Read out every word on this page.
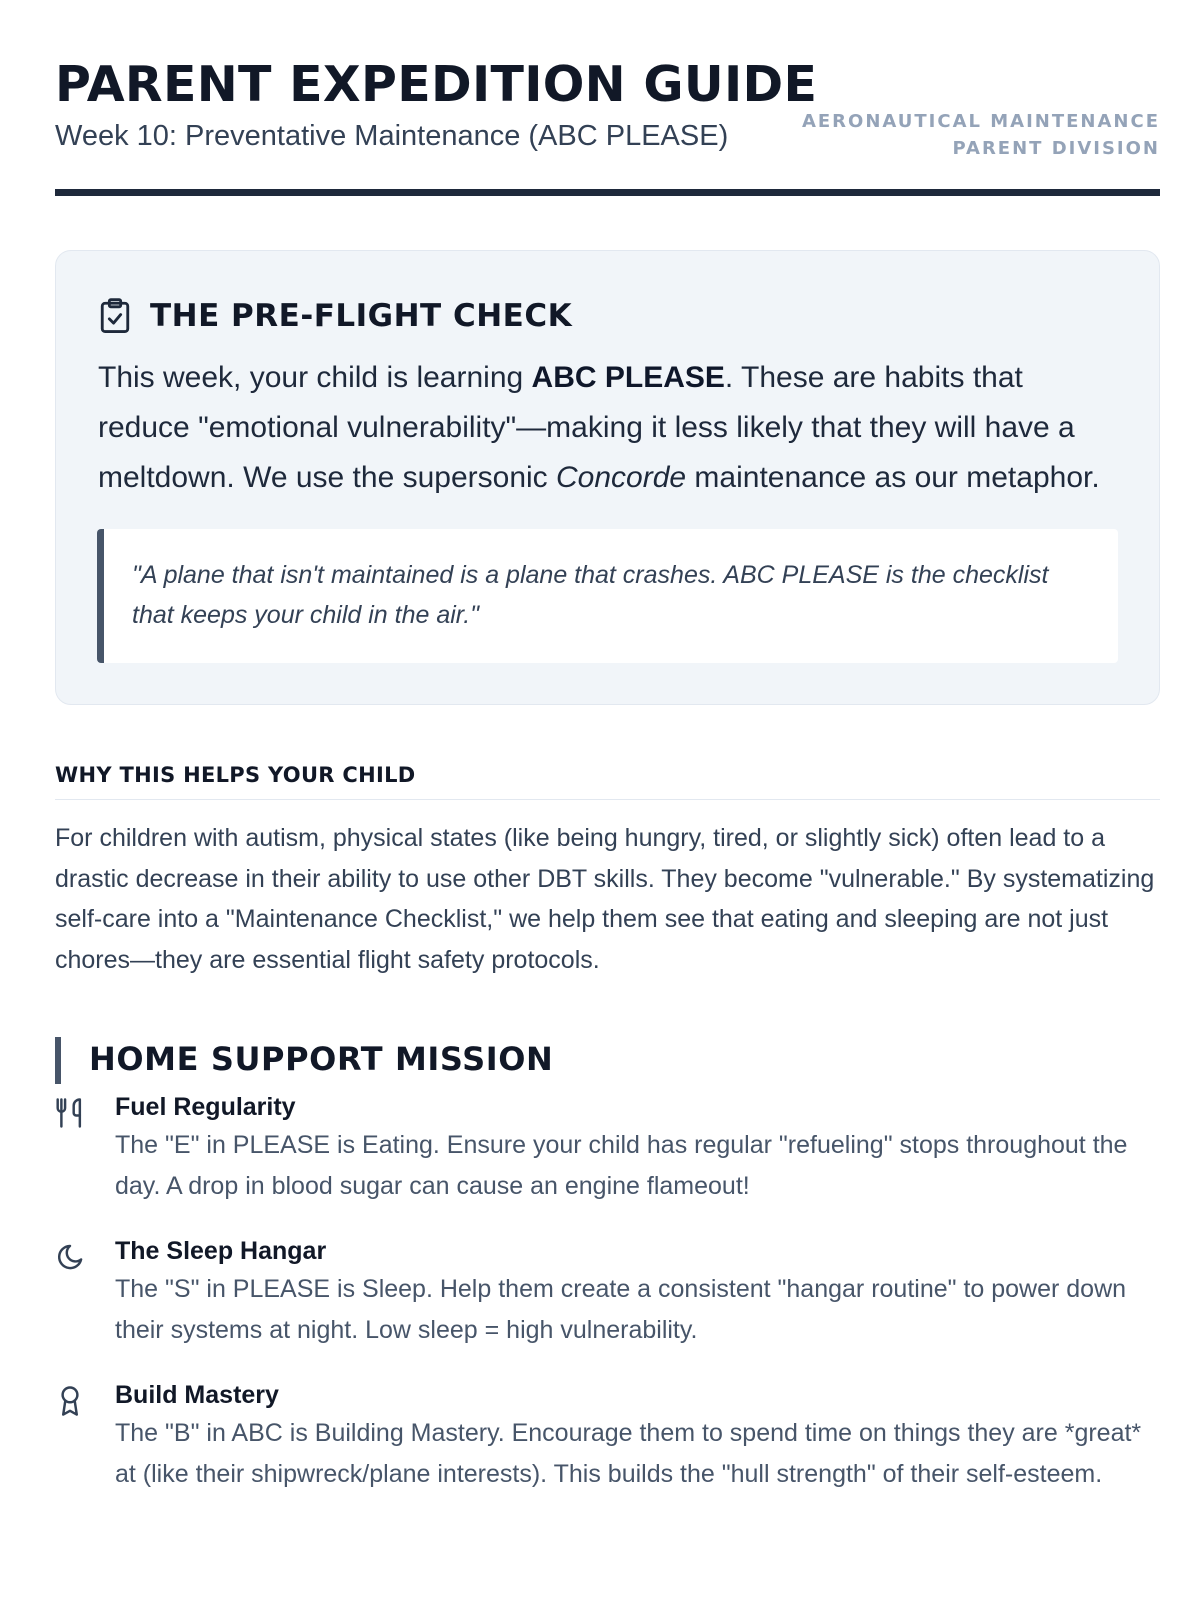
PARENT EXPEDITION GUIDE
Week 10: Preventative Maintenance (ABC PLEASE)	AERONAUTICAL MAINTENANCE
PARENT DIVISION
THE PRE-FLIGHT CHECK
This week, your child is learning ABC PLEASE. These are habits that reduce "emotional vulnerability"—making it less likely that they will have a meltdown. We use the supersonic Concorde maintenance as our metaphor.
"A plane that isn't maintained is a plane that crashes. ABC PLEASE is the checklist that keeps your child in the air."
WHY THIS HELPS YOUR CHILD
For children with autism, physical states (like being hungry, tired, or slightly sick) often lead to a drastic decrease in their ability to use other DBT skills. They become "vulnerable." By systematizing self-care into a "Maintenance Checklist," we help them see that eating and sleeping are not just chores—they are essential flight safety protocols.
HOME SUPPORT MISSION
Fuel Regularity
The "E" in PLEASE is Eating. Ensure your child has regular "refueling" stops throughout the day. A drop in blood sugar can cause an engine flameout!
The Sleep Hangar
The "S" in PLEASE is Sleep. Help them create a consistent "hangar routine" to power down their systems at night. Low sleep = high vulnerability.
Build Mastery
The "B" in ABC is Building Mastery. Encourage them to spend time on things they are *great* at (like their shipwreck/plane interests). This builds the "hull strength" of their self-esteem.
